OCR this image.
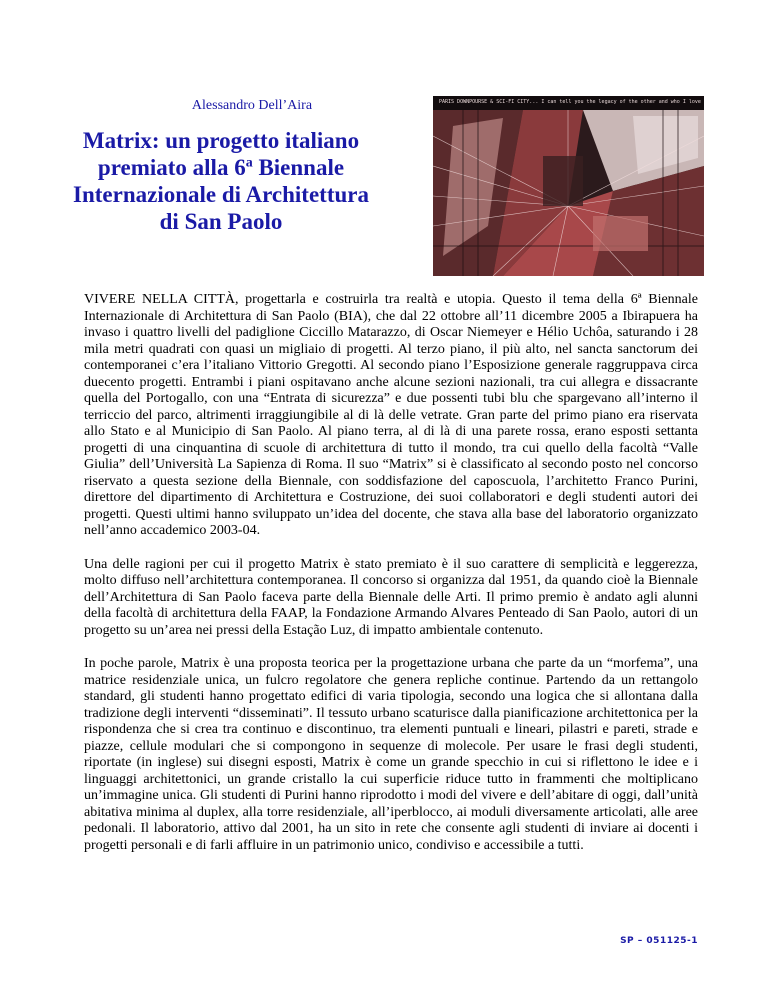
Alessandro Dell’Aira
Matrix: un progetto italiano premiato alla 6$^a$ Biennale Internazionale di Architettura di San Paolo
PARIS DOWNPOURSE & SCI-FI CITY... I can tell you the legacy of the other and who I love in...

VIVERE NELLA CITTÀ, progettarla e costruirla tra realtà e utopia. Questo il tema della 6ª Biennale Internazionale di Architettura di San Paolo (BIA), che dal 22 ottobre all’11 dicembre 2005 a Ibirapuera ha invaso i quattro livelli del padiglione Ciccillo Matarazzo, di Oscar Niemeyer e Hélio Uchôa, saturando i 28 mila metri quadrati con quasi un migliaio di progetti. Al terzo piano, il più alto, nel sancta sanctorum dei contemporanei c’era l’italiano Vittorio Gregotti. Al secondo piano l’Esposizione generale raggruppava circa duecento progetti. Entrambi i piani ospitavano anche alcune sezioni nazionali, tra cui allegra e dissacrante quella del Portogallo, con una “Entrata di sicurezza” e due possenti tubi blu che spargevano all’interno il terriccio del parco, altrimenti irraggiungibile al di là delle vetrate. Gran parte del primo piano era riservata allo Stato e al Municipio di San Paolo. Al piano terra, al di là di una parete rossa, erano esposti settanta progetti di una cinquantina di scuole di architettura di tutto il mondo, tra cui quello della facoltà “Valle Giulia” dell’Università La Sapienza di Roma. Il suo “Matrix” si è classificato al secondo posto nel concorso riservato a questa sezione della Biennale, con soddisfazione del caposcuola, l’architetto Franco Purini, direttore del dipartimento di Architettura e Costruzione, dei suoi collaboratori e degli studenti autori dei progetti. Questi ultimi hanno sviluppato un’idea del docente, che stava alla base del laboratorio organizzato nell’anno accademico 2003-04.

Una delle ragioni per cui il progetto Matrix è stato premiato è il suo carattere di semplicità e leggerezza, molto diffuso nell’architettura contemporanea. Il concorso si organizza dal 1951, da quando cioè la Biennale dell’Architettura di San Paolo faceva parte della Biennale delle Arti. Il primo premio è andato agli alunni della facoltà di architettura della FAAP, la Fondazione Armando Alvares Penteado di San Paolo, autori di un progetto su un’area nei pressi della Estação Luz, di impatto ambientale contenuto.

In poche parole, Matrix è una proposta teorica per la progettazione urbana che parte da un “morfema”, una matrice residenziale unica, un fulcro regolatore che genera repliche continue. Partendo da un rettangolo standard, gli studenti hanno progettato edifici di varia tipologia, secondo una logica che si allontana dalla tradizione degli interventi “disseminati”. Il tessuto urbano scaturisce dalla pianificazione architettonica per la rispondenza che si crea tra continuo e discontinuo, tra elementi puntuali e lineari, pilastri e pareti, strade e piazze, cellule modulari che si compongono in sequenze di molecole. Per usare le frasi degli studenti, riportate (in inglese) sui disegni esposti, Matrix è come un grande specchio in cui si riflettono le idee e i linguaggi architettonici, un grande cristallo la cui superficie riduce tutto in frammenti che moltiplicano un’immagine unica. Gli studenti di Purini hanno riprodotto i modi del vivere e dell’abitare di oggi, dall’unità abitativa minima al duplex, alla torre residenziale, all’iperblocco, ai moduli diversamente articolati, alle aree pedonali. Il laboratorio, attivo dal 2001, ha un sito in rete che consente agli studenti di inviare ai docenti i progetti personali e di farli affluire in un patrimonio unico, condiviso e accessibile a tutti.

SP – 051125-1
